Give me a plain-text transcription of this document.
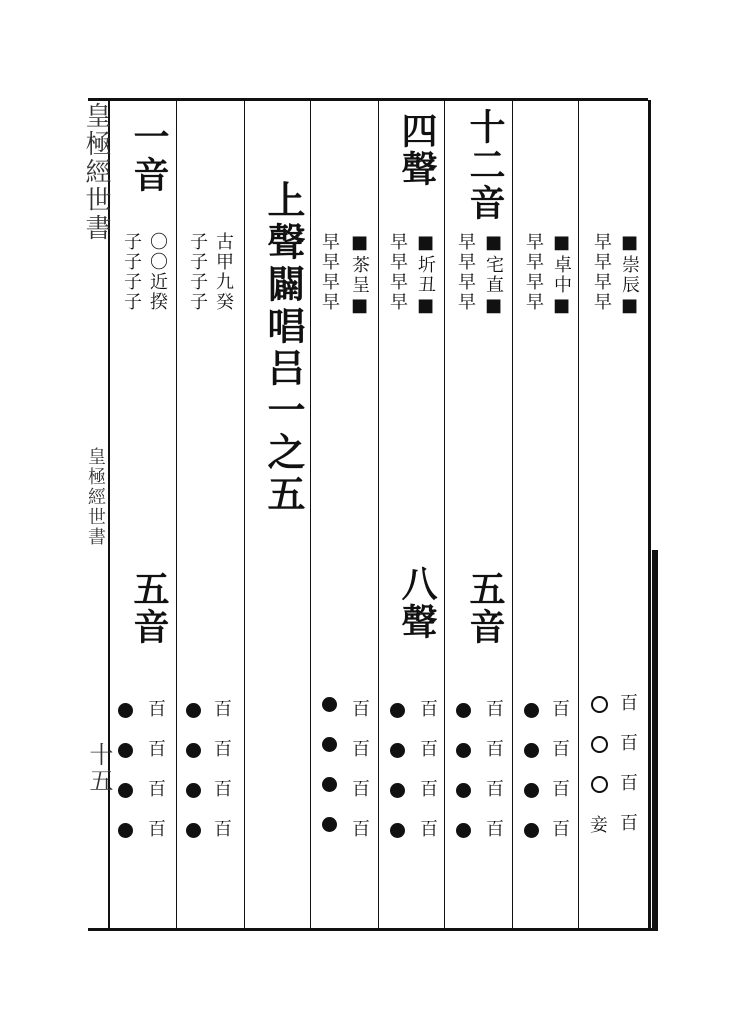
皇極經世書
皇極經世書
十五
上聲闢唱吕一之五
一音
〇〇近揆
子子子子
五音
百
百
百
百
古甲九癸
子子子子
百
百
百
百
■茶呈■
早早早早
百
百
百
百
四聲
■圻丑■
早早早早
八聲
百
百
百
百
十二音
■宅直■
早早早早
五音
百
百
百
百
■卓中■
早早早早
百
百
百
百
■崇辰■
早早早早
妾
百
百
百
百
